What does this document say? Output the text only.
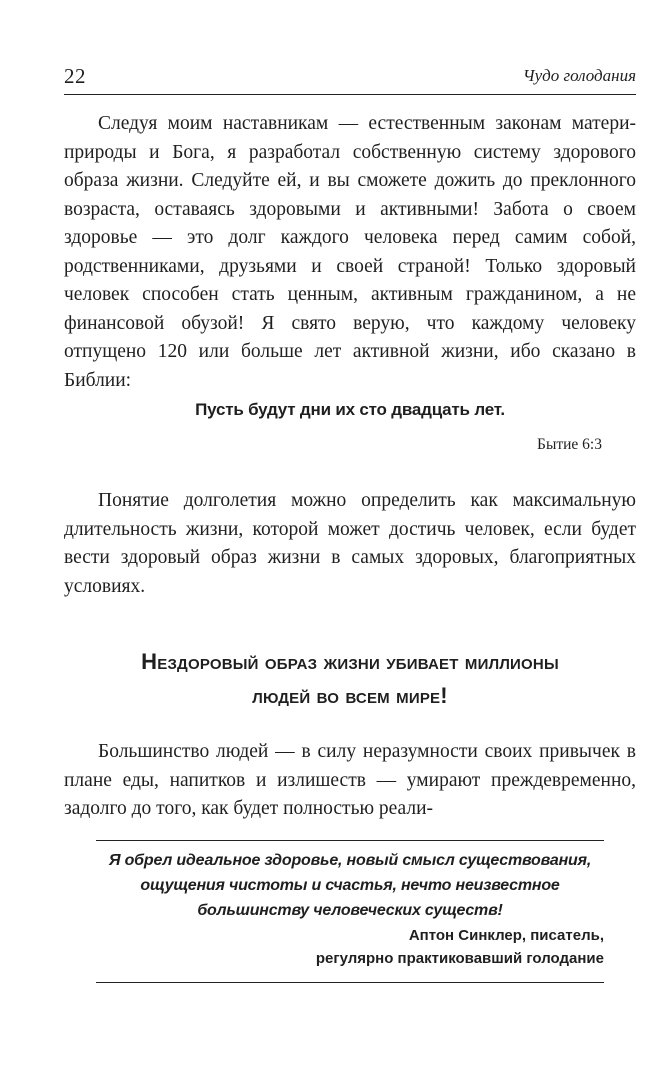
22	Чудо голодания

Следуя моим наставникам — естественным законам матери-природы и Бога, я разработал собственную систему здорового образа жизни. Следуйте ей, и вы сможете дожить до преклонного возраста, оставаясь здоровыми и активными! Забота о своем здоровье — это долг каждого человека перед самим собой, родственниками, друзьями и своей страной! Только здоровый человек способен стать ценным, активным гражданином, а не финансовой обузой! Я свято верую, что каждому человеку отпущено 120 или больше лет активной жизни, ибо сказано в Библии:

Пусть будут дни их сто двадцать лет.
Бытие 6:3

Понятие долголетия можно определить как максимальную длительность жизни, которой может достичь человек, если будет вести здоровый образ жизни в самых здоровых, благоприятных условиях.

Нездоровый образ жизни убивает миллионы
людей во всем мире!

Большинство людей — в силу неразумности своих привычек в плане еды, напитков и излишеств — умирают преждевременно, задолго до того, как будет полностью реали-

Я обрел идеальное здоровье, новый смысл существования,
ощущения чистоты и счастья, нечто неизвестное
большинству человеческих существ!
Аптон Синклер, писатель,
регулярно практиковавший голодание
